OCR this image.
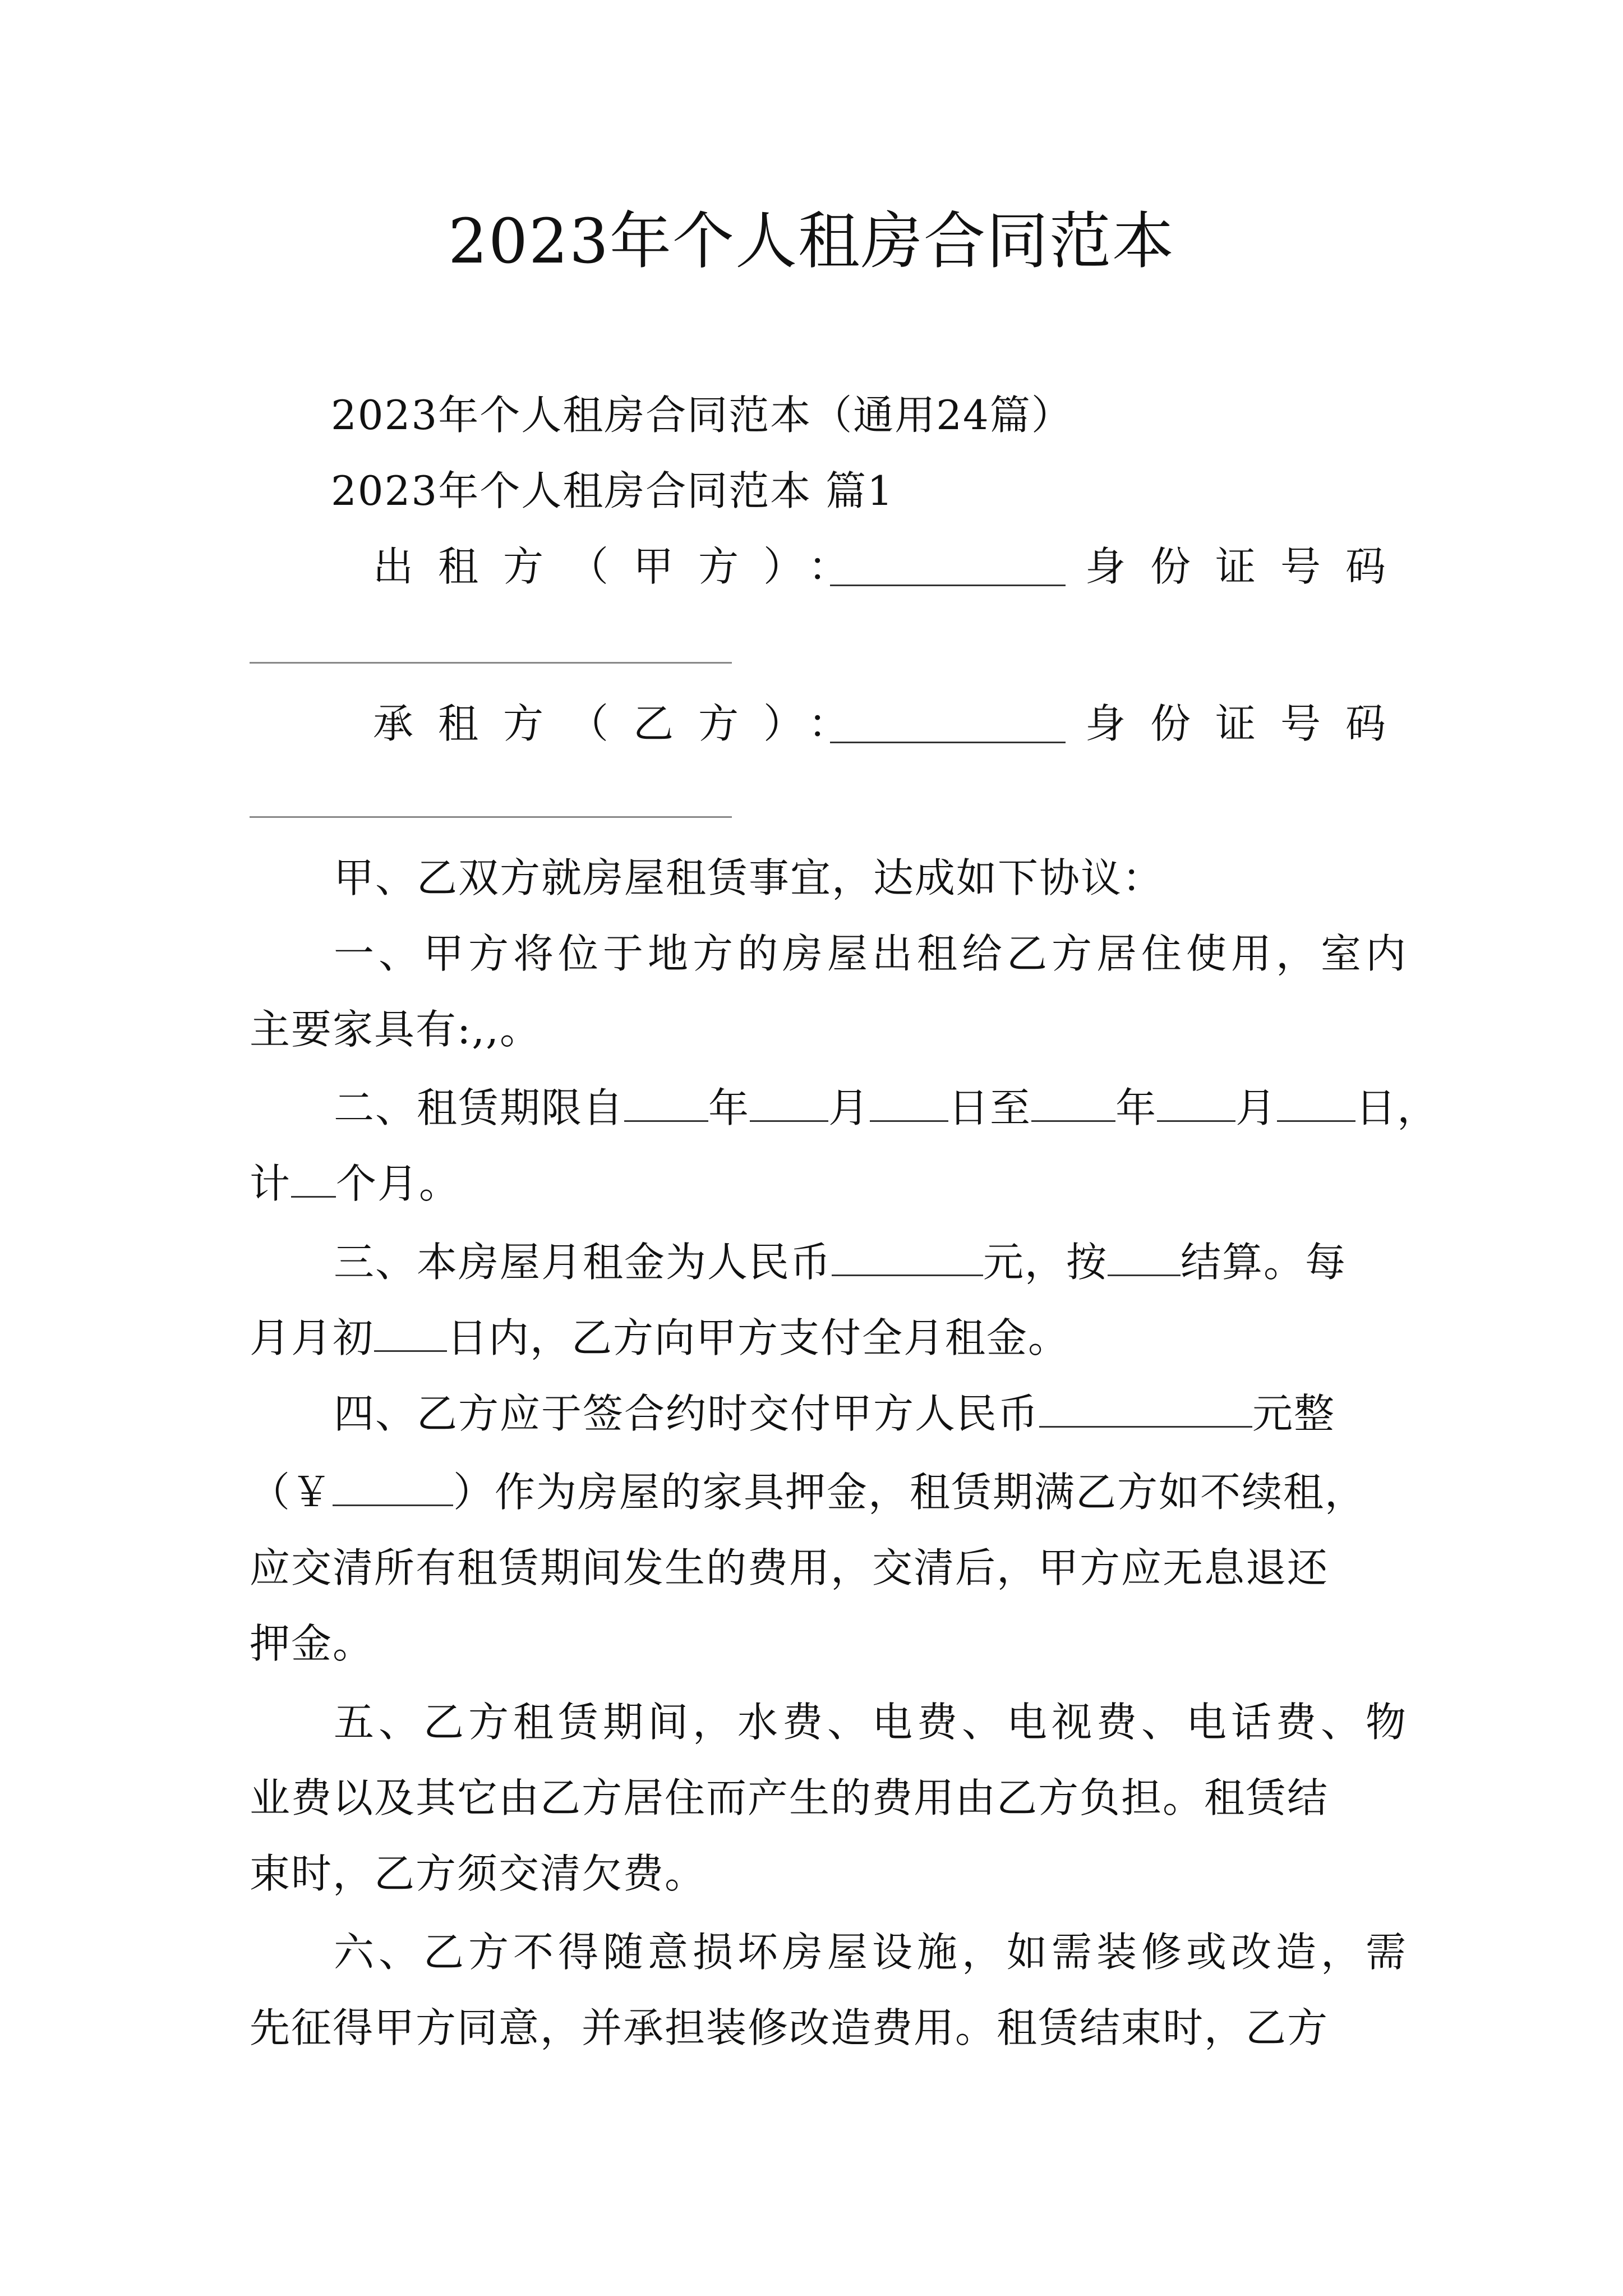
2023年个人租房合同范本
2023年个人租房合同范本（通用24篇）
2023年个人租房合同范本 篇1
出租方（甲方）：	身份证号码
承租方（乙方）：	身份证号码
甲、乙双方就房屋租赁事宜，达成如下协议：
一、甲方将位于地方的房屋出租给乙方居住使用，室内
主要家具有:,,。
二、租赁期限自 年 月 日至 年 月 日，
计 个月。
三、本房屋月租金为人民币	元，按 结算。每
月月初 日内，乙方向甲方支付全月租金。
四、乙方应于签合约时交付甲方人民币	元整
（￥	）作为房屋的家具押金，租赁期满乙方如不续租，
应交清所有租赁期间发生的费用，交清后，甲方应无息退还
押金。
五、乙方租赁期间，水费、电费、电视费、电话费、物
业费以及其它由乙方居住而产生的费用由乙方负担。租赁结
束时，乙方须交清欠费。
六、乙方不得随意损坏房屋设施，如需装修或改造，需
先征得甲方同意，并承担装修改造费用。租赁结束时，乙方
